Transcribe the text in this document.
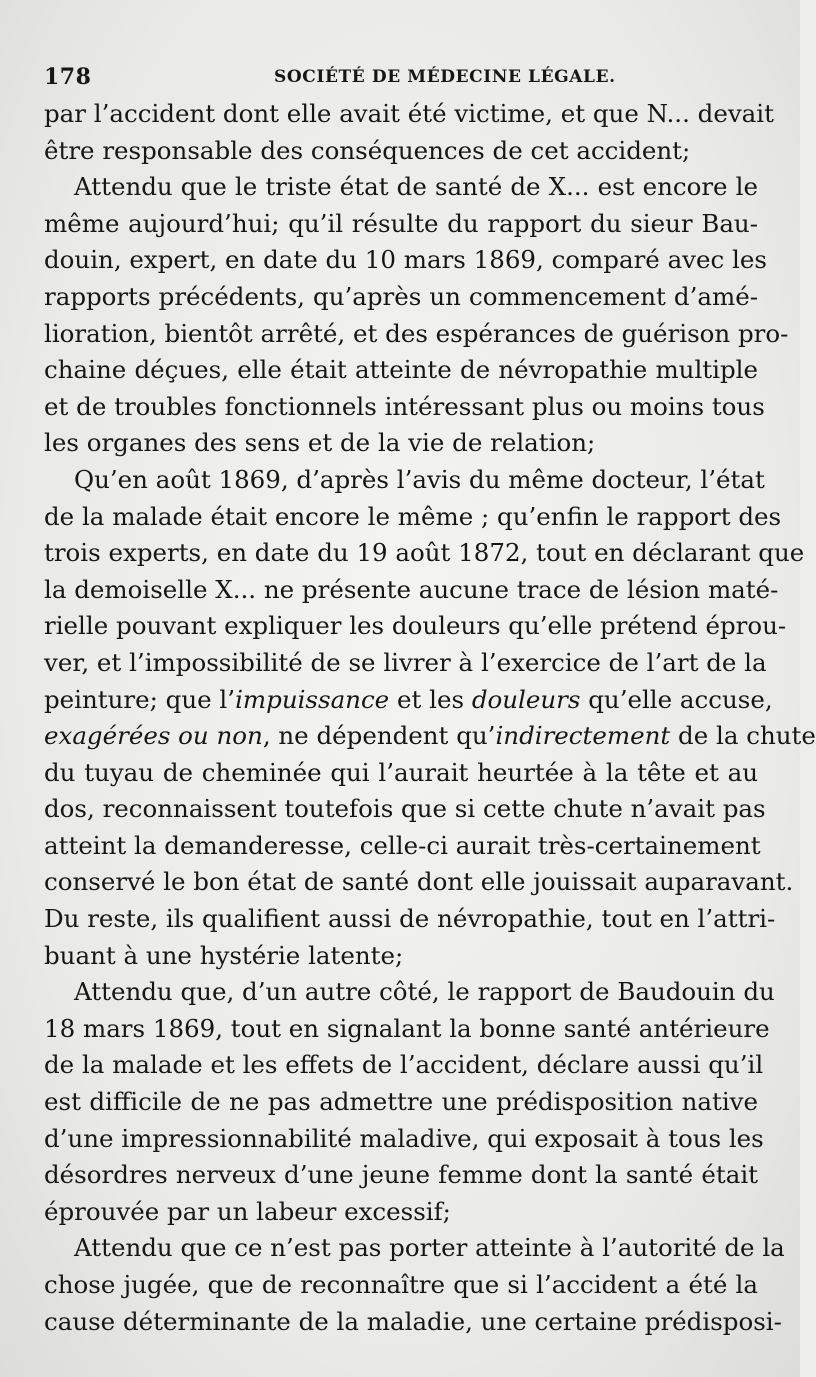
178	SOCIÉTÉ DE MÉDECINE LÉGALE.
par l’accident dont elle avait été victime, et que N... devait
être responsable des conséquences de cet accident;
Attendu que le triste état de santé de X... est encore le
même aujourd’hui; qu’il résulte du rapport du sieur Bau-
douin, expert, en date du 10 mars 1869, comparé avec les
rapports précédents, qu’après un commencement d’amé-
lioration, bientôt arrêté, et des espérances de guérison pro-
chaine déçues, elle était atteinte de névropathie multiple
et de troubles fonctionnels intéressant plus ou moins tous
les organes des sens et de la vie de relation;
Qu’en août 1869, d’après l’avis du même docteur, l’état
de la malade était encore le même ; qu’enfin le rapport des
trois experts, en date du 19 août 1872, tout en déclarant que
la demoiselle X... ne présente aucune trace de lésion maté-
rielle pouvant expliquer les douleurs qu’elle prétend éprou-
ver, et l’impossibilité de se livrer à l’exercice de l’art de la
peinture; que l’impuissance et les douleurs qu’elle accuse,
exagérées ou non, ne dépendent qu’indirectement de la chute
du tuyau de cheminée qui l’aurait heurtée à la tête et au
dos, reconnaissent toutefois que si cette chute n’avait pas
atteint la demanderesse, celle-ci aurait très-certainement
conservé le bon état de santé dont elle jouissait auparavant.
Du reste, ils qualifient aussi de névropathie, tout en l’attri-
buant à une hystérie latente;
Attendu que, d’un autre côté, le rapport de Baudouin du
18 mars 1869, tout en signalant la bonne santé antérieure
de la malade et les effets de l’accident, déclare aussi qu’il
est difficile de ne pas admettre une prédisposition native
d’une impressionnabilité maladive, qui exposait à tous les
désordres nerveux d’une jeune femme dont la santé était
éprouvée par un labeur excessif;
Attendu que ce n’est pas porter atteinte à l’autorité de la
chose jugée, que de reconnaître que si l’accident a été la
cause déterminante de la maladie, une certaine prédisposi-
